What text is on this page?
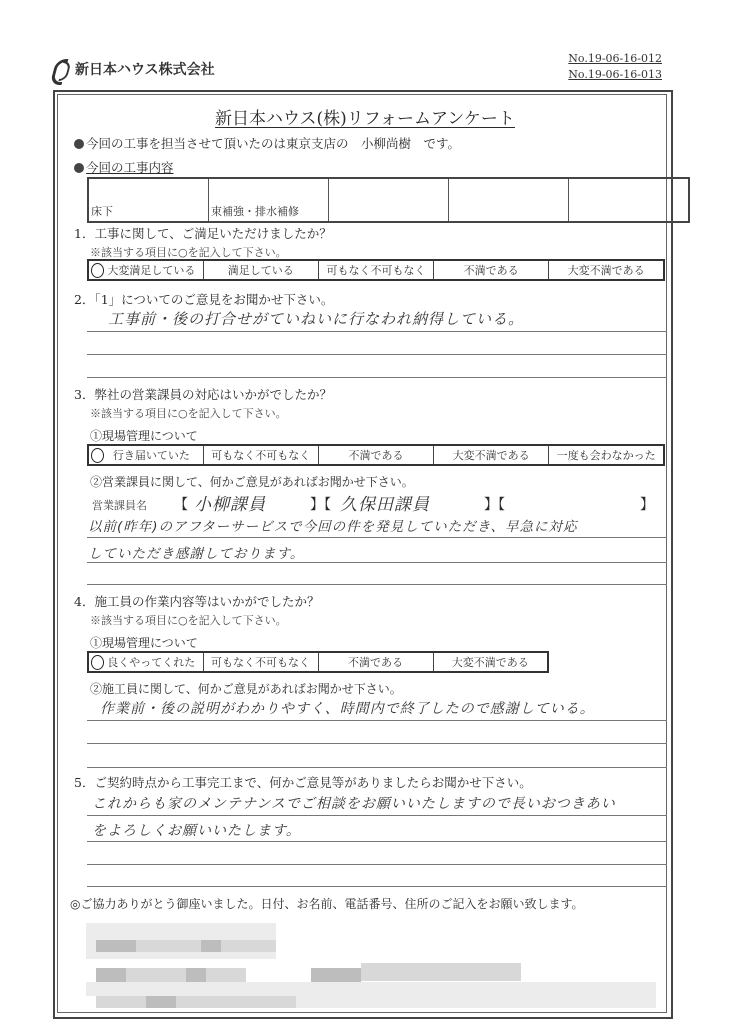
新日本ハウス株式会社
No.19-06-16-012
No.19-06-16-013
新日本ハウス(株)リフォームアンケート
今回の工事を担当させて頂いたのは東京支店の　小柳尚樹　です。
今回の工事内容
床下	束補強・排水補修			
1．工事に関して、ご満足いただけましたか？
※該当する項目に○を記入して下さい。
大変満足している	満足している	可もなく不可もなく	不満である	大変不満である
2．「1」についてのご意見をお聞かせ下さい。
工事前・後の打合せがていねいに行なわれ納得している。
3．弊社の営業課員の対応はいかがでしたか？
※該当する項目に○を記入して下さい。
①現場管理について
行き届いていた	可もなく不可もなく	不満である	大変不満である	一度も会わなかった
②営業課員に関して、何かご意見があればお聞かせ下さい。
営業課員名 【 小柳課員	】【 久保田課員	】【	】
以前(昨年)のアフターサービスで今回の件を発見していただき、早急に対応
していただき感謝しております。
4．施工員の作業内容等はいかがでしたか？
※該当する項目に○を記入して下さい。
①現場管理について
良くやってくれた	可もなく不可もなく	不満である	大変不満である
②施工員に関して、何かご意見があればお聞かせ下さい。
作業前・後の説明がわかりやすく、時間内で終了したので感謝している。
5．ご契約時点から工事完工まで、何かご意見等がありましたらお聞かせ下さい。
これからも家のメンテナンスでご相談をお願いいたしますので長いおつきあい
をよろしくお願いいたします。
◎ご協力ありがとう御座いました。日付、お名前、電話番号、住所のご記入をお願い致します。
